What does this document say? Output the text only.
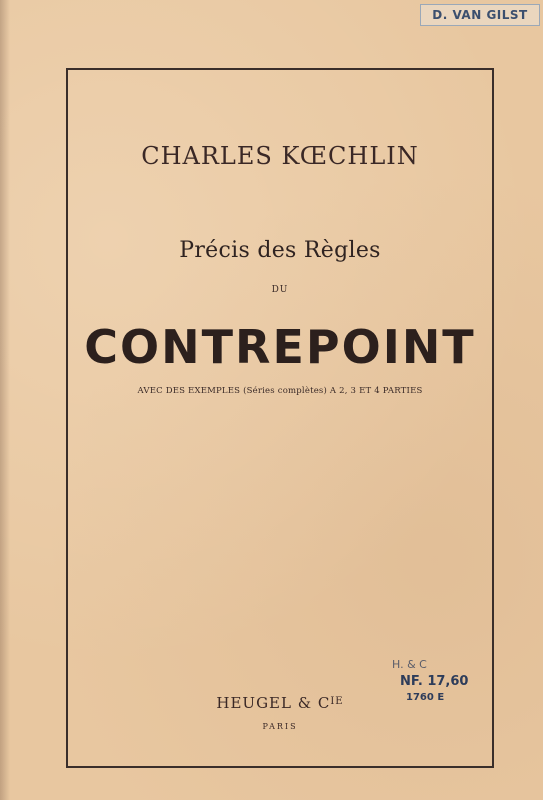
D. VAN GILST
CHARLES KŒCHLIN
Précis des Règles
DU
CONTREPOINT
AVEC DES EXEMPLES (Séries complètes) A 2, 3 ET 4 PARTIES
HEUGEL & $C^{IE}$
PARIS
H. & C
NF. 17,60
1760 E
